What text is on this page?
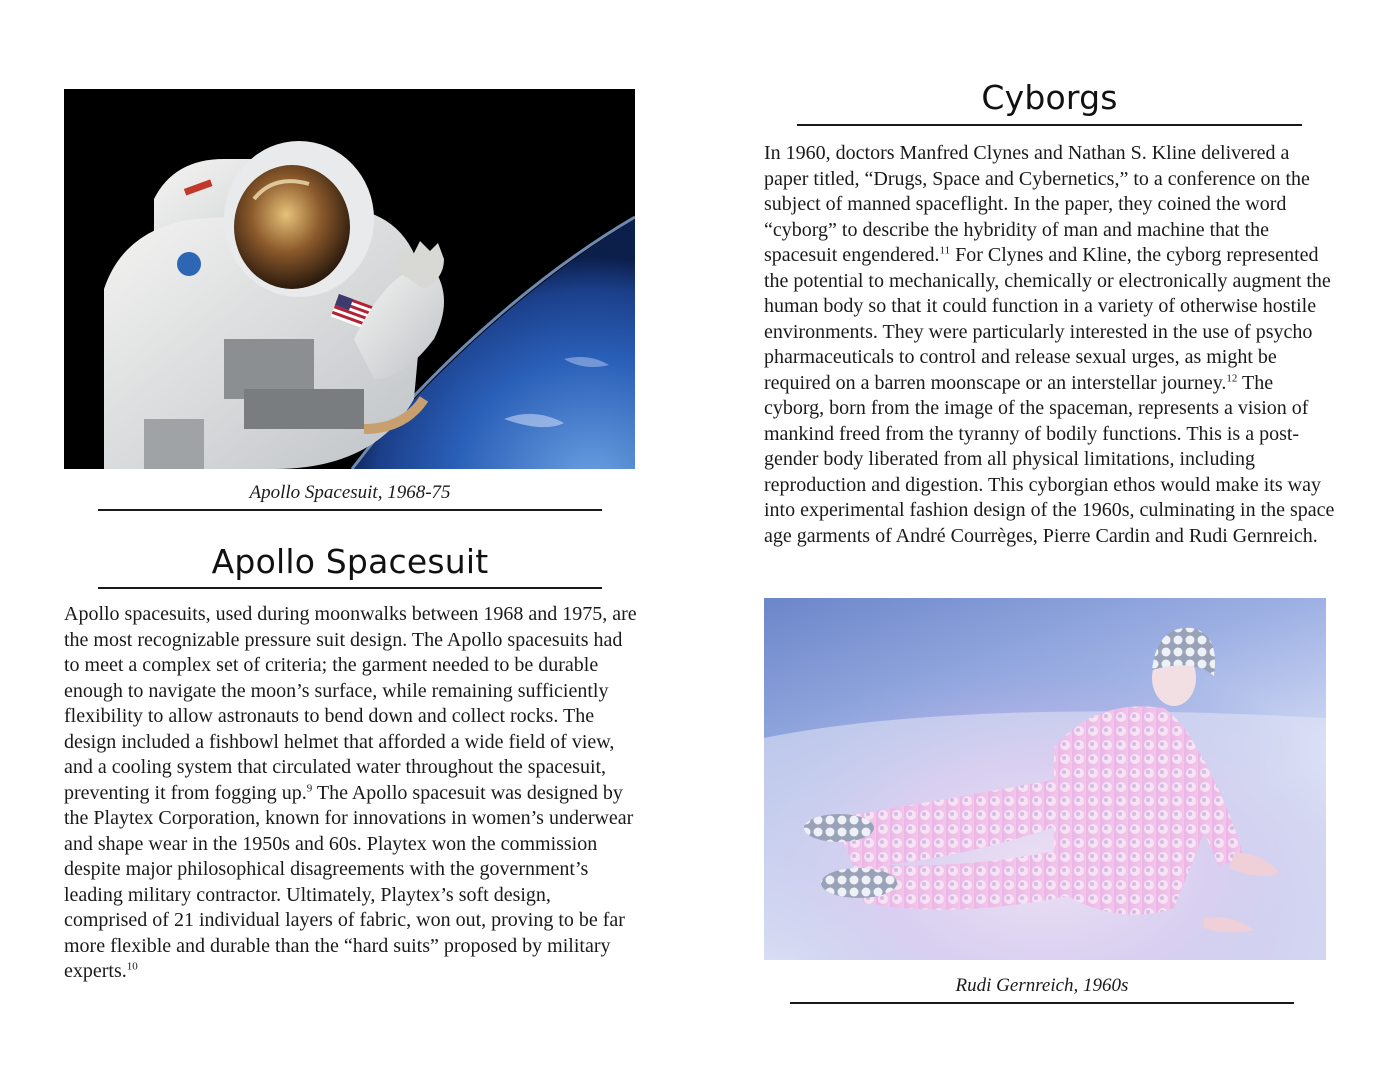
Apollo Spacesuit, 1968-75
Apollo Spacesuit

Apollo spacesuits, used during moonwalks between 1968 and 1975, are the most recognizable pressure suit design. The Apollo spacesuits had to meet a complex set of criteria; the garment needed to be durable enough to navigate the moon’s surface, while remaining sufficiently flexibility to allow astronauts to bend down and collect rocks. The design included a fishbowl helmet that afforded a wide field of view, and a cooling system that circulated water throughout the spacesuit, preventing it from fogging up.$^9$ The Apollo spacesuit was designed by the Playtex Corporation, known for innovations in women’s underwear and shape wear in the 1950s and 60s. Playtex won the commission despite major philosophical disagreements with the government’s leading military contractor. Ultimately, Playtex’s soft design, comprised of 21 individual layers of fabric, won out, proving to be far more flexible and durable than the “hard suits” proposed by military experts.$^{10}$

Cyborgs

In 1960, doctors Manfred Clynes and Nathan S. Kline delivered a paper titled, “Drugs, Space and Cybernetics,” to a conference on the subject of manned spaceflight. In the paper, they coined the word “cyborg” to describe the hybridity of man and machine that the spacesuit engendered.$^{11}$ For Clynes and Kline, the cyborg represented the potential to mechanically, chemically or electronically augment the human body so that it could function in a variety of otherwise hostile environments. They were particularly interested in the use of psycho pharmaceuticals to control and release sexual urges, as might be required on a barren moonscape or an interstellar journey.$^{12}$ The cyborg, born from the image of the spaceman, represents a vision of mankind freed from the tyranny of bodily functions. This is a post-gender body liberated from all physical limitations, including reproduction and digestion. This cyborgian ethos would make its way into experimental fashion design of the 1960s, culminating in the space age garments of André Courrèges, Pierre Cardin and Rudi Gernreich.

Rudi Gernreich, 1960s
